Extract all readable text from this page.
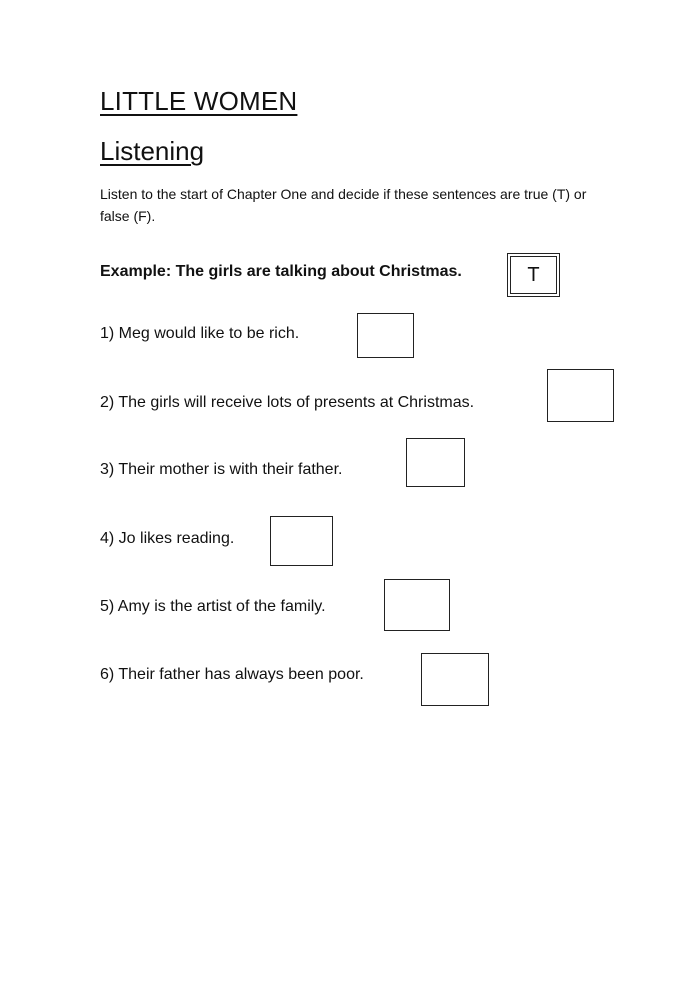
LITTLE WOMEN
Listening

Listen to the start of Chapter One and decide if these sentences are true (T) or false (F).

Example: The girls are talking about Christmas.	T
1) Meg would like to be rich.
2) The girls will receive lots of presents at Christmas.
3) Their mother is with their father.
4) Jo likes reading.
5) Amy is the artist of the family.
6) Their father has always been poor.
